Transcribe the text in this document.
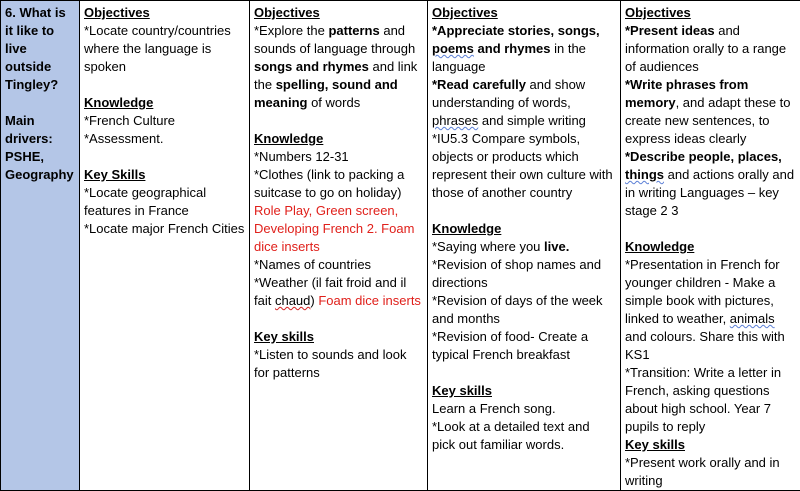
6. What is it like to live outside Tingley?
Main drivers:
PSHE, Geography

Objectives
*Locate country/countries where the language is spoken
Knowledge
*French Culture
*Assessment.
Key Skills
*Locate geographical features in France
*Locate major French Cities

Objectives
*Explore the patterns and sounds of language through songs and rhymes and link the spelling, sound and meaning of words
Knowledge
*Numbers 12-31
*Clothes (link to packing a suitcase to go on holiday) Role Play, Green screen, Developing French 2. Foam dice inserts
*Names of countries
*Weather (il fait froid and il fait chaud) Foam dice inserts
Key skills
*Listen to sounds and look for patterns

Objectives
*Appreciate stories, songs, poems and rhymes in the language
*Read carefully and show understanding of words, phrases and simple writing
*IU5.3 Compare symbols, objects or products which represent their own culture with those of another country
Knowledge
*Saying where you live.
*Revision of shop names and directions
*Revision of days of the week and months
*Revision of food- Create a typical French breakfast
Key skills
Learn a French song.
*Look at a detailed text and pick out familiar words.

Objectives
*Present ideas and information orally to a range of audiences
*Write phrases from memory, and adapt these to create new sentences, to express ideas clearly
*Describe people, places, things and actions orally and in writing Languages – key stage 2 3
Knowledge
*Presentation in French for younger children - Make a simple book with pictures, linked to weather, animals and colours. Share this with KS1
*Transition: Write a letter in French, asking questions about high school. Year 7 pupils to reply
Key skills
*Present work orally and in writing
